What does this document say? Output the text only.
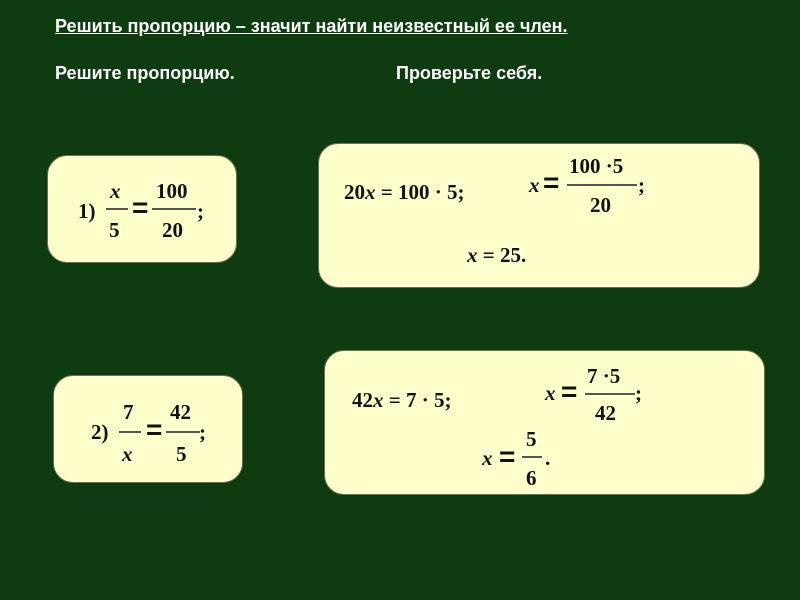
Решить пропорцию – значит найти неизвестный ее член.
Решите пропорцию.	Проверьте себя.
1)
x
5
=
100
20
;
20x = 100 · 5;	x =
100 ·5
20
;
x = 25.
2)
7
x
=
42
5
;
42x = 7 · 5;	x = 7 ·5
42
;
x =
5
6
.
